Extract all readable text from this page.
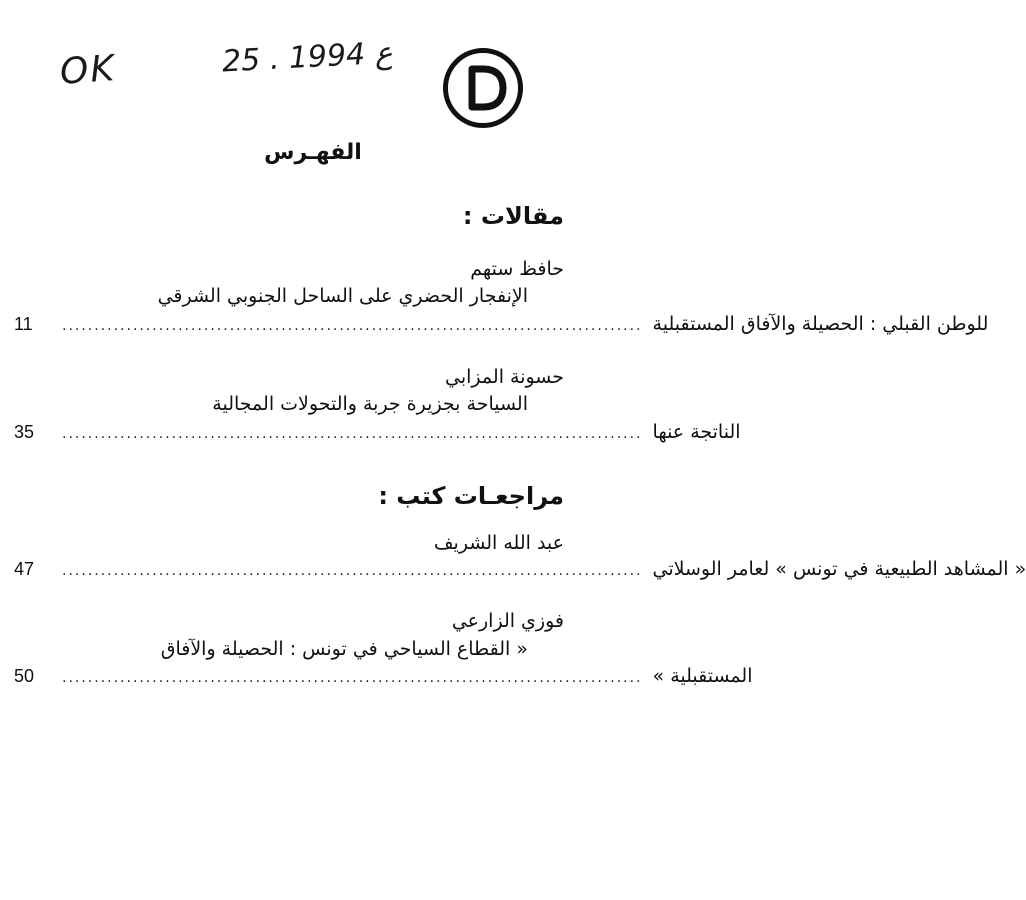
OK	25 . ع 1994
الفهـرس
مقالات :
حافظ ستهم
الإنفجار الحضري على الساحل الجنوبي الشرقي
11	.......................................................................................... للوطن القبلي : الحصيلة والآفاق المستقبلية
حسونة المزابي
السياحة بجزيرة جربة والتحولات المجالية
35	.......................................................................................... الناتجة عنها
مراجعـات كتب :
عبد الله الشريف
47	.......................................................................................... « المشاهد الطبيعية في تونس » لعامر الوسلاتي
فوزي الزارعي
« القطاع السياحي في تونس : الحصيلة والآفاق
50	.......................................................................................... المستقبلية »
